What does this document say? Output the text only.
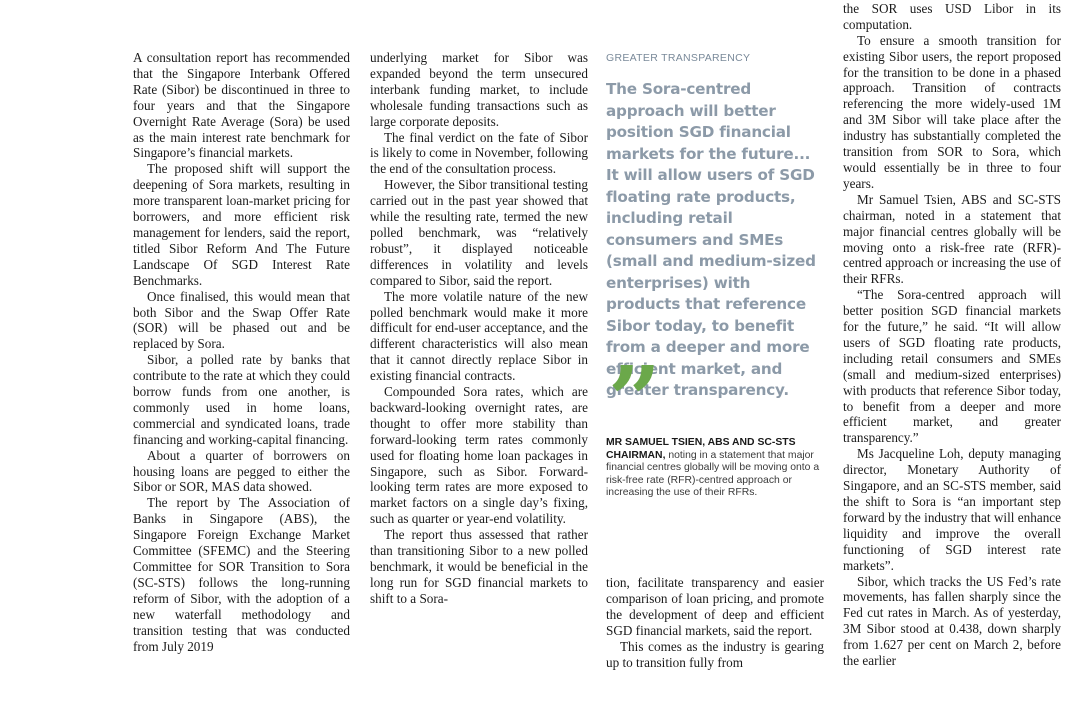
A consultation report has recommended that the Singapore Interbank Offered Rate (Sibor) be discontinued in three to four years and that the Singapore Overnight Rate Average (Sora) be used as the main interest rate benchmark for Singapore’s financial markets.

The proposed shift will support the deepening of Sora markets, resulting in more transparent loan-market pricing for borrowers, and more efficient risk management for lenders, said the report, titled Sibor Reform And The Future Landscape Of SGD Interest Rate Benchmarks.

Once finalised, this would mean that both Sibor and the Swap Offer Rate (SOR) will be phased out and be replaced by Sora.

Sibor, a polled rate by banks that contribute to the rate at which they could borrow funds from one another, is commonly used in home loans, commercial and syndicated loans, trade financing and working-capital financing.

About a quarter of borrowers on housing loans are pegged to either the Sibor or SOR, MAS data showed.

The report by The Association of Banks in Singapore (ABS), the Singapore Foreign Exchange Market Committee (SFEMC) and the Steering Committee for SOR Transition to Sora (SC-STS) follows the long-running reform of Sibor, with the adoption of a new waterfall methodology and transition testing that was conducted from July 2019

underlying market for Sibor was expanded beyond the term unsecured interbank funding market, to include wholesale funding transactions such as large corporate deposits.

The final verdict on the fate of Sibor is likely to come in November, following the end of the consultation process.

However, the Sibor transitional testing carried out in the past year showed that while the resulting rate, termed the new polled benchmark, was “relatively robust”, it displayed noticeable differences in volatility and levels compared to Sibor, said the report.

The more volatile nature of the new polled benchmark would make it more difficult for end-user acceptance, and the different characteristics will also mean that it cannot directly replace Sibor in existing financial contracts.

Compounded Sora rates, which are backward-looking overnight rates, are thought to offer more stability than forward-looking term rates commonly used for floating home loan packages in Singapore, such as Sibor. Forward-looking term rates are more exposed to market factors on a single day’s fixing, such as quarter or year-end volatility.

The report thus assessed that rather than transitioning Sibor to a new polled benchmark, it would be beneficial in the long run for SGD financial markets to shift to a Sora-

GREATER TRANSPARENCY
The Sora-centred approach will better position SGD financial markets for the future... It will allow users of SGD floating rate products, including retail consumers and SMEs (small and medium-sized enterprises) with products that reference Sibor today, to benefit from a deeper and more efficient market, and greater transparency.
”
MR SAMUEL TSIEN, ABS AND SC-STS CHAIRMAN, noting in a statement that major financial centres globally will be moving onto a risk-free rate (RFR)-centred approach or increasing the use of their RFRs.

tion, facilitate transparency and easier comparison of loan pricing, and promote the development of deep and efficient SGD financial markets, said the report.

This comes as the industry is gearing up to transition fully from

the SOR uses USD Libor in its computation.

To ensure a smooth transition for existing Sibor users, the report proposed for the transition to be done in a phased approach. Transition of contracts referencing the more widely-used 1M and 3M Sibor will take place after the industry has substantially completed the transition from SOR to Sora, which would essentially be in three to four years.

Mr Samuel Tsien, ABS and SC-STS chairman, noted in a statement that major financial centres globally will be moving onto a risk-free rate (RFR)-centred approach or increasing the use of their RFRs.

“The Sora-centred approach will better position SGD financial markets for the future,” he said. “It will allow users of SGD floating rate products, including retail consumers and SMEs (small and medium-sized enterprises) with products that reference Sibor today, to benefit from a deeper and more efficient market, and greater transparency.”

Ms Jacqueline Loh, deputy managing director, Monetary Authority of Singapore, and an SC-STS member, said the shift to Sora is “an important step forward by the industry that will enhance liquidity and improve the overall functioning of SGD interest rate markets”.

Sibor, which tracks the US Fed’s rate movements, has fallen sharply since the Fed cut rates in March. As of yesterday, 3M Sibor stood at 0.438, down sharply from 1.627 per cent on March 2, before the earlier
